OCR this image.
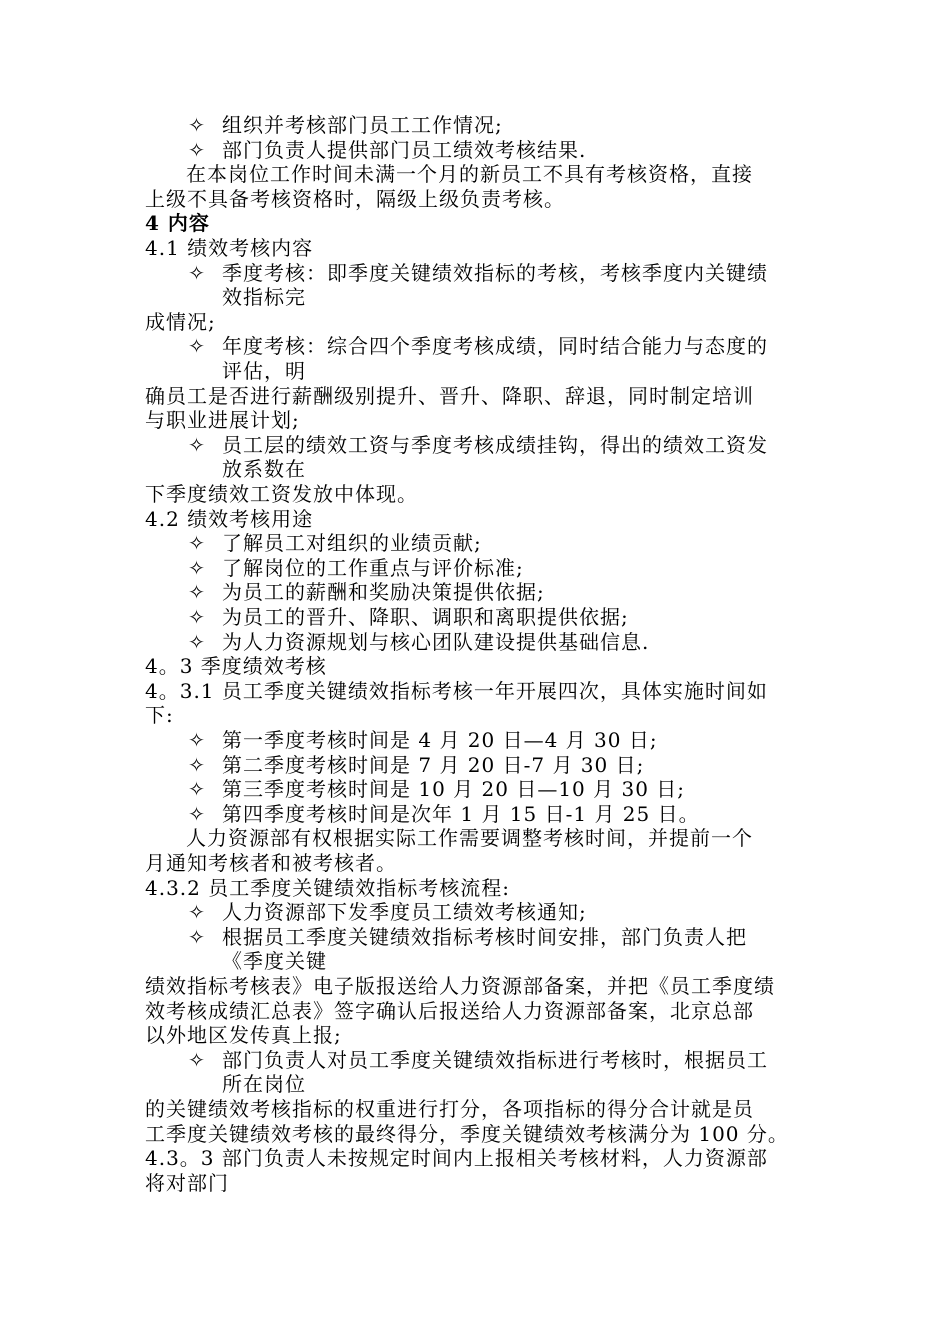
✧ 组织并考核部门员工工作情况;
✧ 部门负责人提供部门员工绩效考核结果.
在本岗位工作时间未满一个月的新员工不具有考核资格，直接
上级不具备考核资格时，隔级上级负责考核。
4 内容
4.1 绩效考核内容
✧ 季度考核：即季度关键绩效指标的考核，考核季度内关键绩
效指标完
成情况;
✧ 年度考核：综合四个季度考核成绩，同时结合能力与态度的
评估，明
确员工是否进行薪酬级别提升、晋升、降职、辞退，同时制定培训
与职业进展计划;
✧ 员工层的绩效工资与季度考核成绩挂钩，得出的绩效工资发
放系数在
下季度绩效工资发放中体现。
4.2 绩效考核用途
✧ 了解员工对组织的业绩贡献;
✧ 了解岗位的工作重点与评价标准;
✧ 为员工的薪酬和奖励决策提供依据;
✧ 为员工的晋升、降职、调职和离职提供依据;
✧ 为人力资源规划与核心团队建设提供基础信息.
4。3 季度绩效考核
4。3.1 员工季度关键绩效指标考核一年开展四次，具体实施时间如
下:
✧ 第一季度考核时间是 4 月 20 日—4 月 30 日;
✧ 第二季度考核时间是 7 月 20 日-7 月 30 日;
✧ 第三季度考核时间是 10 月 20 日—10 月 30 日;
✧ 第四季度考核时间是次年 1 月 15 日-1 月 25 日。
人力资源部有权根据实际工作需要调整考核时间，并提前一个
月通知考核者和被考核者。
4.3.2 员工季度关键绩效指标考核流程:
✧ 人力资源部下发季度员工绩效考核通知;
✧ 根据员工季度关键绩效指标考核时间安排，部门负责人把
《季度关键
绩效指标考核表》电子版报送给人力资源部备案，并把《员工季度绩
效考核成绩汇总表》签字确认后报送给人力资源部备案，北京总部
以外地区发传真上报;
✧ 部门负责人对员工季度关键绩效指标进行考核时，根据员工
所在岗位
的关键绩效考核指标的权重进行打分，各项指标的得分合计就是员
工季度关键绩效考核的最终得分，季度关键绩效考核满分为 100 分。
4.3。3 部门负责人未按规定时间内上报相关考核材料，人力资源部
将对部门
